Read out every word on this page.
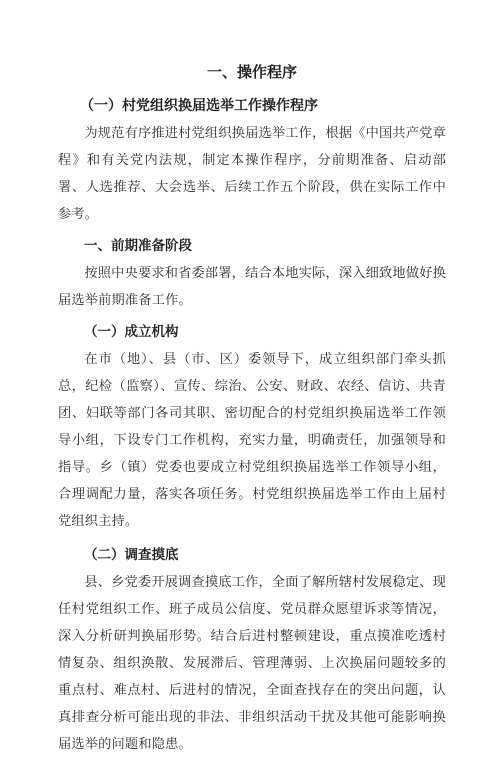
一、操作程序

（一）村党组织换届选举工作操作程序

为规范有序推进村党组织换届选举工作，根据《中国共产党章程》和有关党内法规，制定本操作程序，分前期准备、启动部署、人选推荐、大会选举、后续工作五个阶段，供在实际工作中参考。

一、前期准备阶段

按照中央要求和省委部署，结合本地实际，深入细致地做好换届选举前期准备工作。

（一）成立机构

在市（地）、县（市、区）委领导下，成立组织部门牵头抓总，纪检（监察）、宣传、综治、公安、财政、农经、信访、共青团、妇联等部门各司其职、密切配合的村党组织换届选举工作领导小组，下设专门工作机构，充实力量，明确责任，加强领导和指导。乡（镇）党委也要成立村党组织换届选举工作领导小组，合理调配力量，落实各项任务。村党组织换届选举工作由上届村党组织主持。

（二）调查摸底

县、乡党委开展调查摸底工作，全面了解所辖村发展稳定、现任村党组织工作、班子成员公信度、党员群众愿望诉求等情况，深入分析研判换届形势。结合后进村整顿建设，重点摸准吃透村情复杂、组织涣散、发展滞后、管理薄弱、上次换届问题较多的重点村、难点村、后进村的情况，全面查找存在的突出问题，认真排查分析可能出现的非法、非组织活动干扰及其他可能影响换届选举的问题和隐患。
